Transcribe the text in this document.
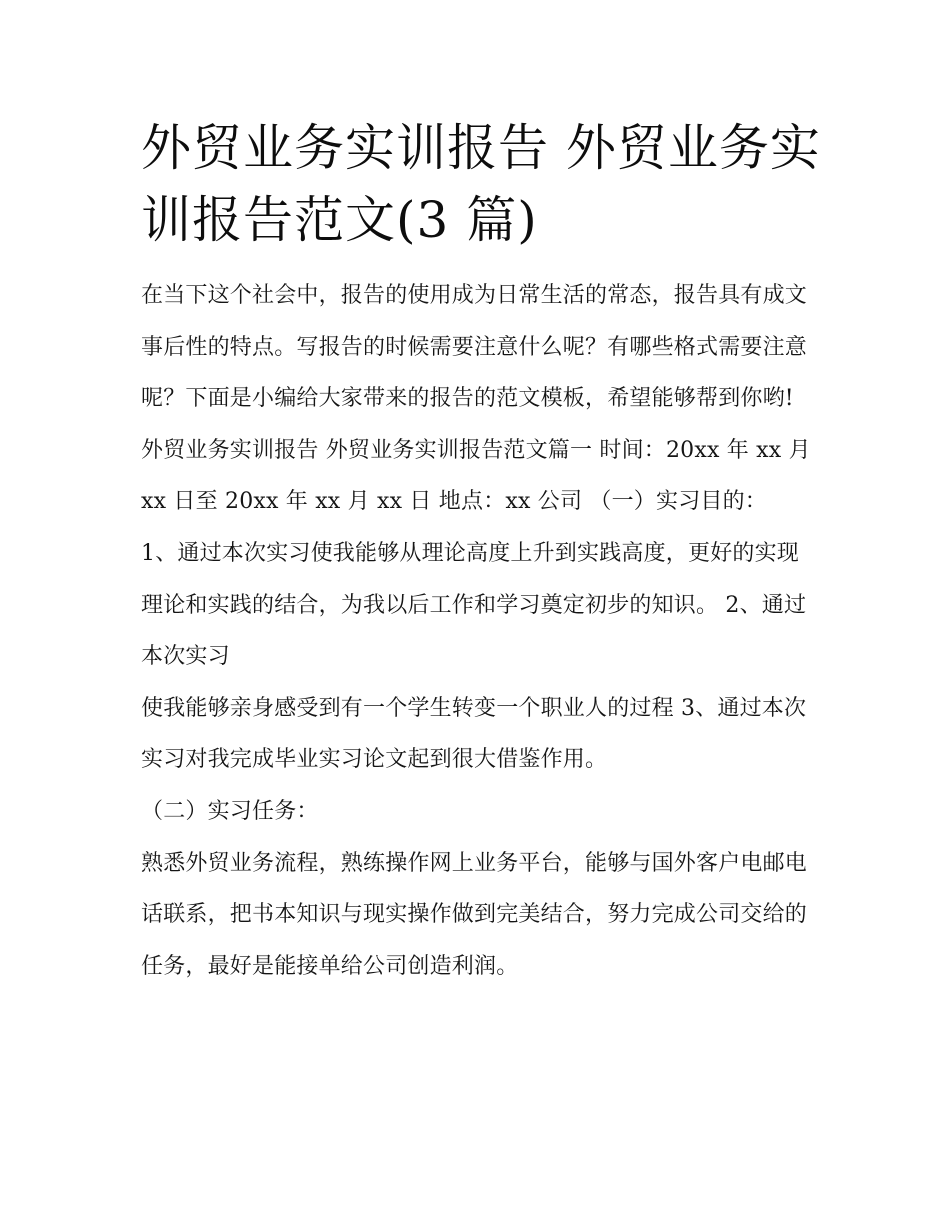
外贸业务实训报告 外贸业务实训报告范文(3 篇)

在当下这个社会中，报告的使用成为日常生活的常态，报告具有成文事后性的特点。写报告的时候需要注意什么呢？有哪些格式需要注意呢？下面是小编给大家带来的报告的范文模板，希望能够帮到你哟!

外贸业务实训报告 外贸业务实训报告范文篇一 时间：20xx 年 xx 月 xx 日至 20xx 年 xx 月 xx 日 地点：xx 公司 （一）实习目的：

1、通过本次实习使我能够从理论高度上升到实践高度，更好的实现理论和实践的结合，为我以后工作和学习奠定初步的知识。 2、通过本次实习

使我能够亲身感受到有一个学生转变一个职业人的过程 3、通过本次实习对我完成毕业实习论文起到很大借鉴作用。

（二）实习任务：

熟悉外贸业务流程，熟练操作网上业务平台，能够与国外客户电邮电话联系，把书本知识与现实操作做到完美结合，努力完成公司交给的任务，最好是能接单给公司创造利润。
